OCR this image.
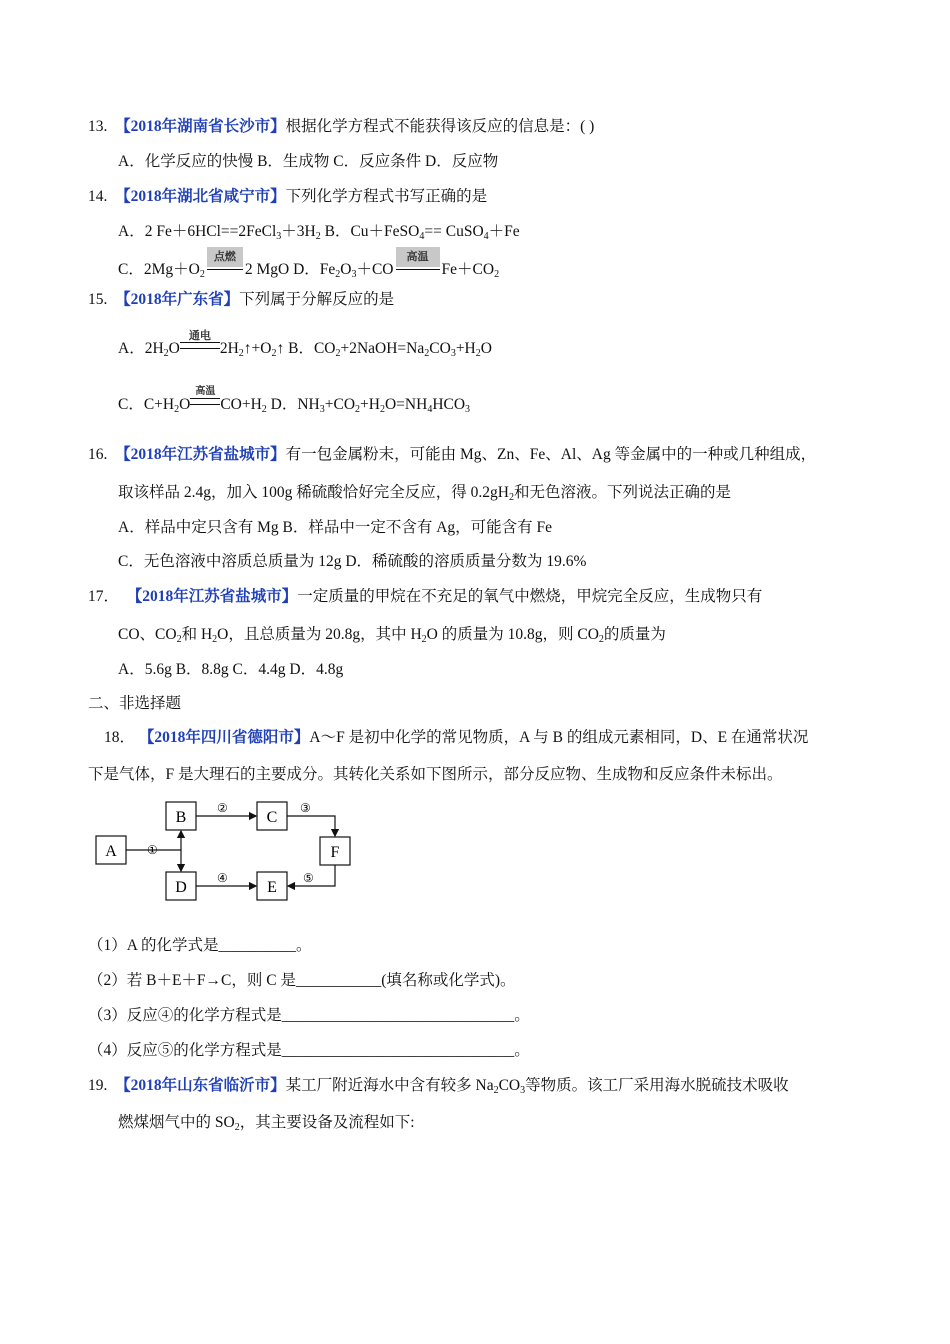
13. 【2018年湖南省长沙市】根据化学方程式不能获得该反应的信息是：( )
A．化学反应的快慢 B．生成物 C．反应条件 D．反应物
14. 【2018年湖北省咸宁市】下列化学方程式书写正确的是
A．2 $Fe+6HCl==2FeCl_3+3H_2$ B．Cu＋FeSO$_4$== CuSO$_4$＋Fe
C．$2Mg+O_2$
点燃
2 MgO D．$Fe_2O_3+CO$
高温
$Fe+CO_2$
15. 【2018年广东省】下列属于分解反应的是
A．$2H_2O$
通电
$2H_2↑+O_2↑$ B．$CO_2+2NaOH=Na_2CO_3+H_2O$
C．$C+H_2O$
高温
$CO+H_2$ D．$NH_3+CO_2+H_2O=NH_4HCO_3$
16. 【2018年江苏省盐城市】有一包金属粉末，可能由 Mg、Zn、Fe、Al、Ag 等金属中的一种或几种组成，
取该样品 2.4g，加入 100g 稀硫酸恰好完全反应，得 $0.2gH_2$和无色溶液。下列说法正确的是
A．样品中定只含有 Mg B．样品中一定不含有 Ag，可能含有 Fe
C．无色溶液中溶质总质量为 12g D．稀硫酸的溶质质量分数为 19.6%
17． 【2018年江苏省盐城市】一定质量的甲烷在不充足的氧气中燃烧，甲烷完全反应，生成物只有
CO、$CO_2$和 $H_2O$，且总质量为 20.8g，其中 $H_2O$ 的质量为 10.8g，则 $CO_2$的质量为
A．5.6g B．8.8g C．4.4g D．4.8g
二、非选择题
18． 【2018年四川省德阳市】A～F 是初中化学的常见物质，A 与 B 的组成元素相同，D、E 在通常状况
下是气体，F 是大理石的主要成分。其转化关系如下图所示，部分反应物、生成物和反应条件未标出。
A
B	C
D	E
F
①
②	③
④	⑤
（1）A 的化学式是__________。
（2）若 B＋E＋F→C，则 C 是___________(填名称或化学式)。
（3）反应④的化学方程式是______________________________。
（4）反应⑤的化学方程式是______________________________。
19. 【2018年山东省临沂市】某工厂附近海水中含有较多 $Na_2CO_3$等物质。该工厂采用海水脱硫技术吸收
燃煤烟气中的 $SO_2$，其主要设备及流程如下:
